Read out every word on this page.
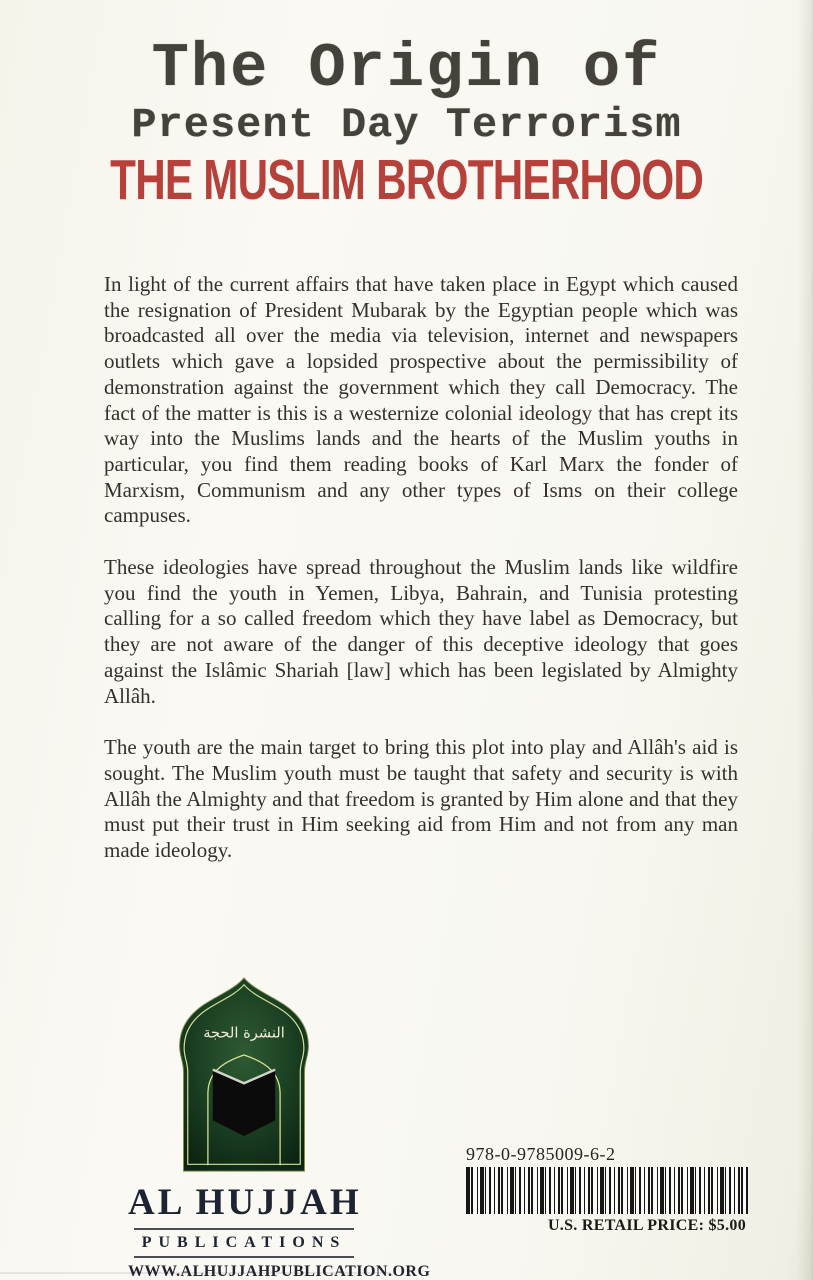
The Origin of
Present Day Terrorism
THE MUSLIM BROTHERHOOD

In light of the current affairs that have taken place in Egypt which caused the resignation of President Mubarak by the Egyptian people which was broadcasted all over the media via television, internet and newspapers outlets which gave a lopsided prospective about the permissibility of demonstration against the government which they call Democracy. The fact of the matter is this is a westernize colonial ideology that has crept its way into the Muslims lands and the hearts of the Muslim youths in particular, you find them reading books of Karl Marx the fonder of Marxism, Communism and any other types of Isms on their college campuses.

These ideologies have spread throughout the Muslim lands like wildfire you find the youth in Yemen, Libya, Bahrain, and Tunisia protesting calling for a so called freedom which they have label as Democracy, but they are not aware of the danger of this deceptive ideology that goes against the Islâmic Shariah [law] which has been legislated by Almighty Allâh.

The youth are the main target to bring this plot into play and Allâh's aid is sought. The Muslim youth must be taught that safety and security is with Allâh the Almighty and that freedom is granted by Him alone and that they must put their trust in Him seeking aid from Him and not from any man made ideology.

النشرة الحجة
AL HUJJAH
PUBLICATIONS
WWW.ALHUJJAHPUBLICATION.ORG
978-0-9785009-6-2
U.S. RETAIL PRICE: $5.00
